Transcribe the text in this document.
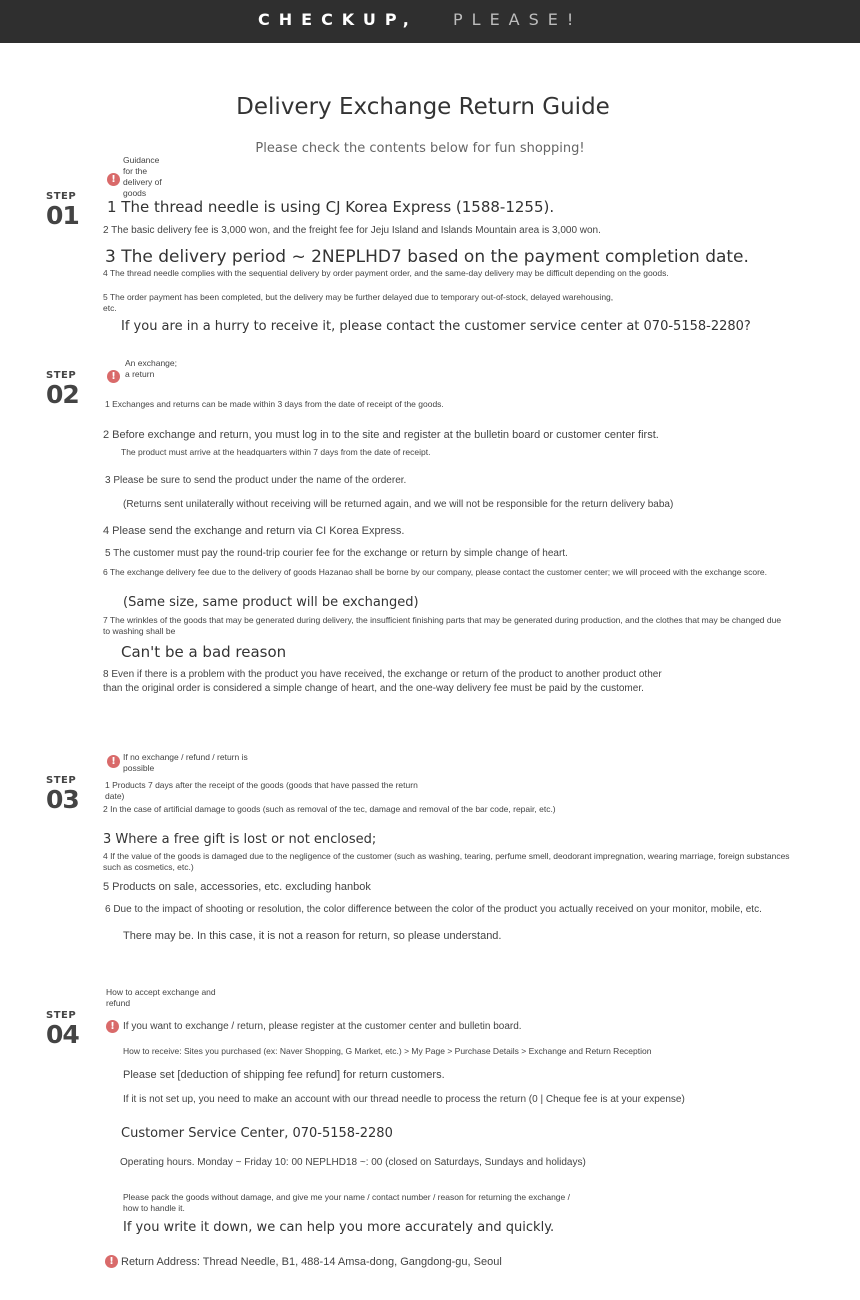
CHECKUP, PLEASE!
Delivery Exchange Return Guide
Please check the contents below for fun shopping!
STEP
01
!
Guidance for the delivery of goods
1 The thread needle is using CJ Korea Express (1588-1255).
2 The basic delivery fee is 3,000 won, and the freight fee for Jeju Island and Islands Mountain area is 3,000 won.
3 The delivery period ~ 2NEPLHD7 based on the payment completion date.
4 The thread needle complies with the sequential delivery by order payment order, and the same-day delivery may be difficult depending on the goods.
5 The order payment has been completed, but the delivery may be further delayed due to temporary out-of-stock, delayed warehousing, etc.
If you are in a hurry to receive it, please contact the customer service center at 070-5158-2280?
STEP
02
!
An exchange; a return
1 Exchanges and returns can be made within 3 days from the date of receipt of the goods.
2 Before exchange and return, you must log in to the site and register at the bulletin board or customer center first.
The product must arrive at the headquarters within 7 days from the date of receipt.
3 Please be sure to send the product under the name of the orderer.
(Returns sent unilaterally without receiving will be returned again, and we will not be responsible for the return delivery baba)
4 Please send the exchange and return via CI Korea Express.
5 The customer must pay the round-trip courier fee for the exchange or return by simple change of heart.
6 The exchange delivery fee due to the delivery of goods Hazanao shall be borne by our company, please contact the customer center; we will proceed with the exchange score.
(Same size, same product will be exchanged)
7 The wrinkles of the goods that may be generated during delivery, the insufficient finishing parts that may be generated during production, and the clothes that may be changed due to washing shall be
Can't be a bad reason
8 Even if there is a problem with the product you have received, the exchange or return of the product to another product other than the original order is considered a simple change of heart, and the one-way delivery fee must be paid by the customer.
STEP
03
! If no exchange / refund / return is possible
1 Products 7 days after the receipt of the goods (goods that have passed the return date)
2 In the case of artificial damage to goods (such as removal of the tec, damage and removal of the bar code, repair, etc.)
3 Where a free gift is lost or not enclosed;
4 If the value of the goods is damaged due to the negligence of the customer (such as washing, tearing, perfume smell, deodorant impregnation, wearing marriage, foreign substances such as cosmetics, etc.)
5 Products on sale, accessories, etc. excluding hanbok
6 Due to the impact of shooting or resolution, the color difference between the color of the product you actually received on your monitor, mobile, etc.
There may be. In this case, it is not a reason for return, so please understand.
STEP
04
How to accept exchange and refund
! If you want to exchange / return, please register at the customer center and bulletin board.
How to receive: Sites you purchased (ex: Naver Shopping, G Market, etc.) > My Page > Purchase Details > Exchange and Return Reception
Please set [deduction of shipping fee refund] for return customers.
If it is not set up, you need to make an account with our thread needle to process the return (0 | Cheque fee is at your expense)
Customer Service Center, 070-5158-2280
Operating hours. Monday ~ Friday 10: 00 NEPLHD18 ~: 00 (closed on Saturdays, Sundays and holidays)
Please pack the goods without damage, and give me your name / contact number / reason for returning the exchange / how to handle it.
If you write it down, we can help you more accurately and quickly.
! Return Address: Thread Needle, B1, 488-14 Amsa-dong, Gangdong-gu, Seoul
